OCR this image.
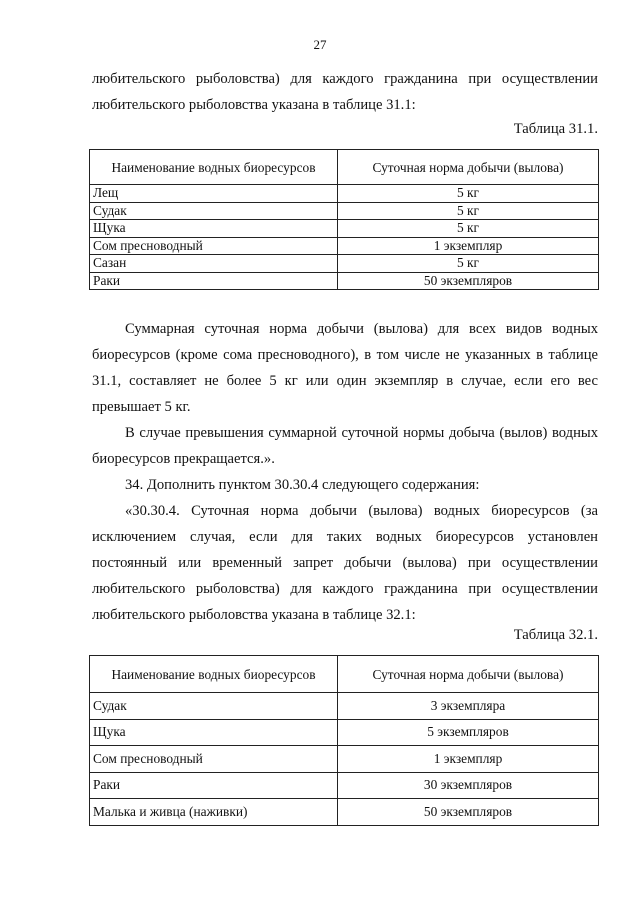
27
любительского рыболовства) для каждого гражданина при осуществлении любительского рыболовства указана в таблице 31.1:
Таблица 31.1.
Наименование водных биоресурсов	Суточная норма добычи (вылова)
Лещ	5 кг
Судак	5 кг
Щука	5 кг
Сом пресноводный	1 экземпляр
Сазан	5 кг
Раки	50 экземпляров
Суммарная суточная норма добычи (вылова) для всех видов водных биоресурсов (кроме сома пресноводного), в том числе не указанных в таблице 31.1, составляет не более 5 кг или один экземпляр в случае, если его вес превышает 5 кг.
В случае превышения суммарной суточной нормы добыча (вылов) водных биоресурсов прекращается.».
34. Дополнить пунктом 30.30.4 следующего содержания:
«30.30.4. Суточная норма добычи (вылова) водных биоресурсов (за исключением случая, если для таких водных биоресурсов установлен постоянный или временный запрет добычи (вылова) при осуществлении любительского рыболовства) для каждого гражданина при осуществлении любительского рыболовства указана в таблице 32.1:
Таблица 32.1.
Наименование водных биоресурсов	Суточная норма добычи (вылова)
Судак	3 экземпляра
Щука	5 экземпляров
Сом пресноводный	1 экземпляр
Раки	30 экземпляров
Малька и живца (наживки)	50 экземпляров
